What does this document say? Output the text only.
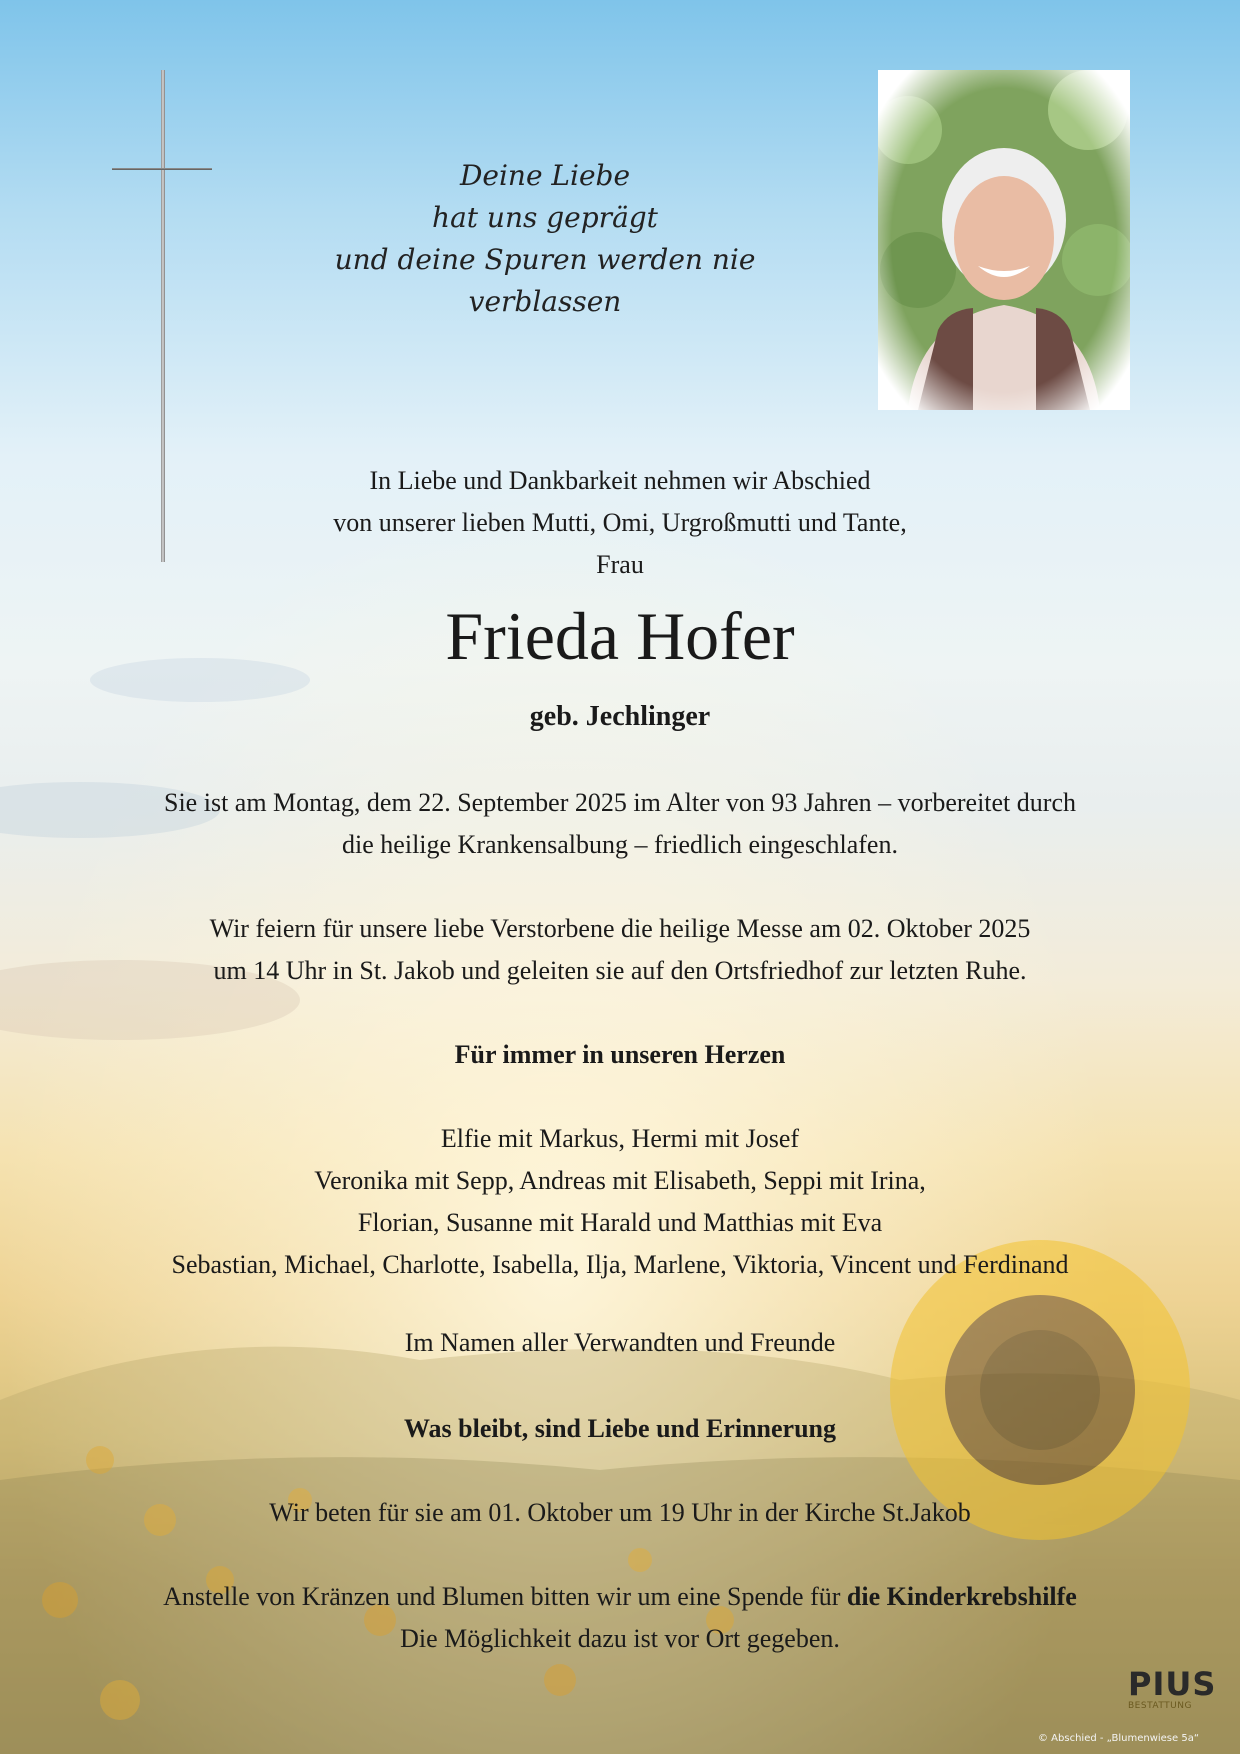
Deine Liebe
hat uns geprägt
und deine Spuren werden nie
verblassen
In Liebe und Dankbarkeit nehmen wir Abschied
von unserer lieben Mutti, Omi, Urgroßmutti und Tante,
Frau
Frieda Hofer
geb. Jechlinger
Sie ist am Montag, dem 22. September 2025 im Alter von 93 Jahren – vorbereitet durch
die heilige Krankensalbung – friedlich eingeschlafen.
Wir feiern für unsere liebe Verstorbene die heilige Messe am 02. Oktober 2025
um 14 Uhr in St. Jakob und geleiten sie auf den Ortsfriedhof zur letzten Ruhe.
Für immer in unseren Herzen
Elfie mit Markus, Hermi mit Josef
Veronika mit Sepp, Andreas mit Elisabeth, Seppi mit Irina,
Florian, Susanne mit Harald und Matthias mit Eva
Sebastian, Michael, Charlotte, Isabella, Ilja, Marlene, Viktoria, Vincent und Ferdinand
Im Namen aller Verwandten und Freunde
Was bleibt, sind Liebe und Erinnerung
Wir beten für sie am 01. Oktober um 19 Uhr in der Kirche St.Jakob
Anstelle von Kränzen und Blumen bitten wir um eine Spende für die Kinderkrebshilfe
Die Möglichkeit dazu ist vor Ort gegeben.
PIUS
BESTATTUNG
© Abschied - „Blumenwiese 5a“
